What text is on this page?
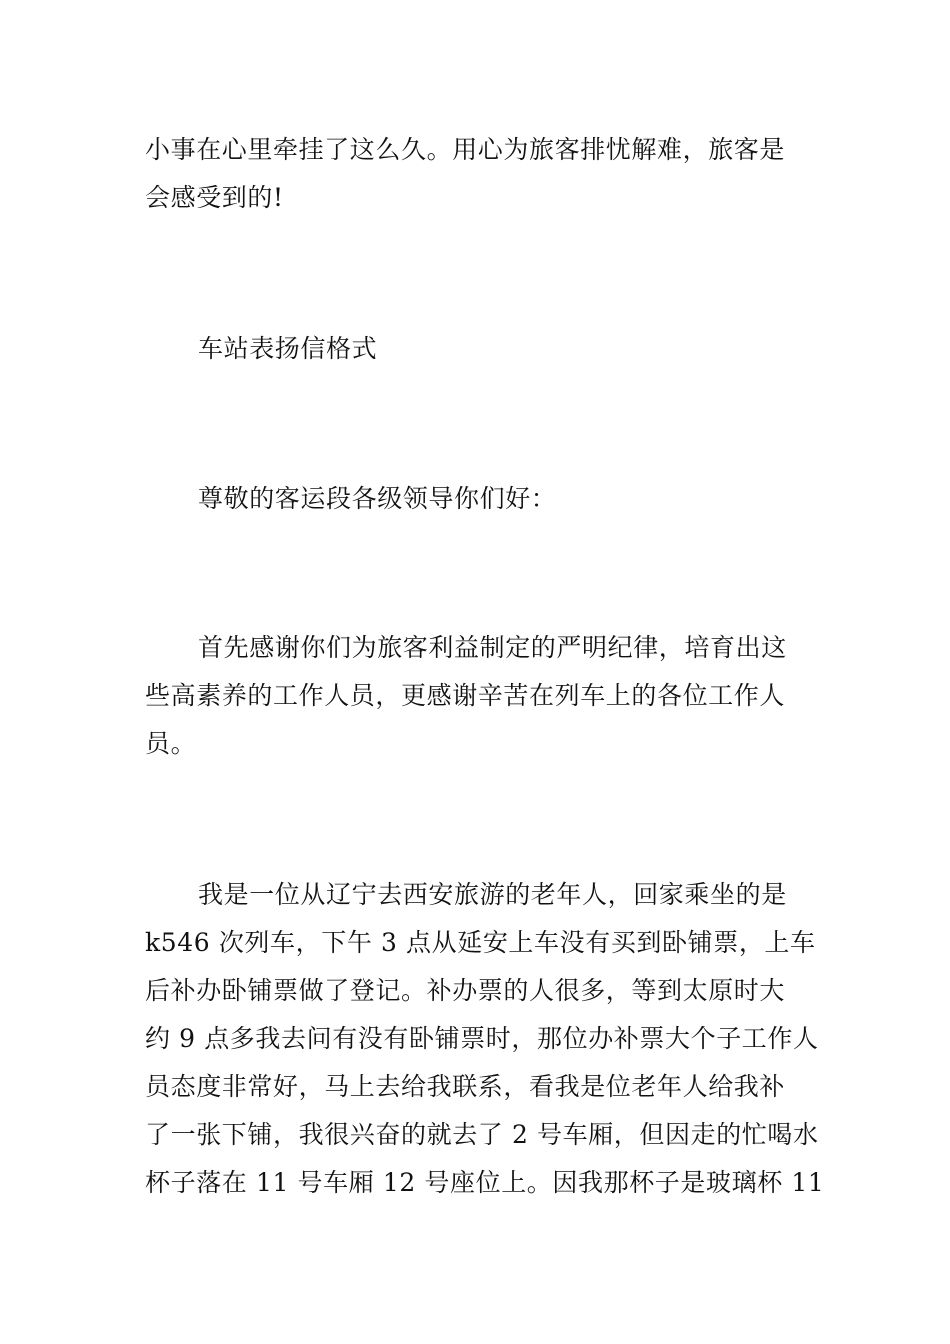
小事在心里牵挂了这么久。用心为旅客排忧解难，旅客是
会感受到的!
车站表扬信格式
尊敬的客运段各级领导你们好：
首先感谢你们为旅客利益制定的严明纪律，培育出这
些高素养的工作人员，更感谢辛苦在列车上的各位工作人
员。
我是一位从辽宁去西安旅游的老年人，回家乘坐的是
k546 次列车，下午 3 点从延安上车没有买到卧铺票，上车
后补办卧铺票做了登记。补办票的人很多，等到太原时大
约 9 点多我去问有没有卧铺票时，那位办补票大个子工作人
员态度非常好，马上去给我联系，看我是位老年人给我补
了一张下铺，我很兴奋的就去了 2 号车厢，但因走的忙喝水
杯子落在 11 号车厢 12 号座位上。因我那杯子是玻璃杯 11
